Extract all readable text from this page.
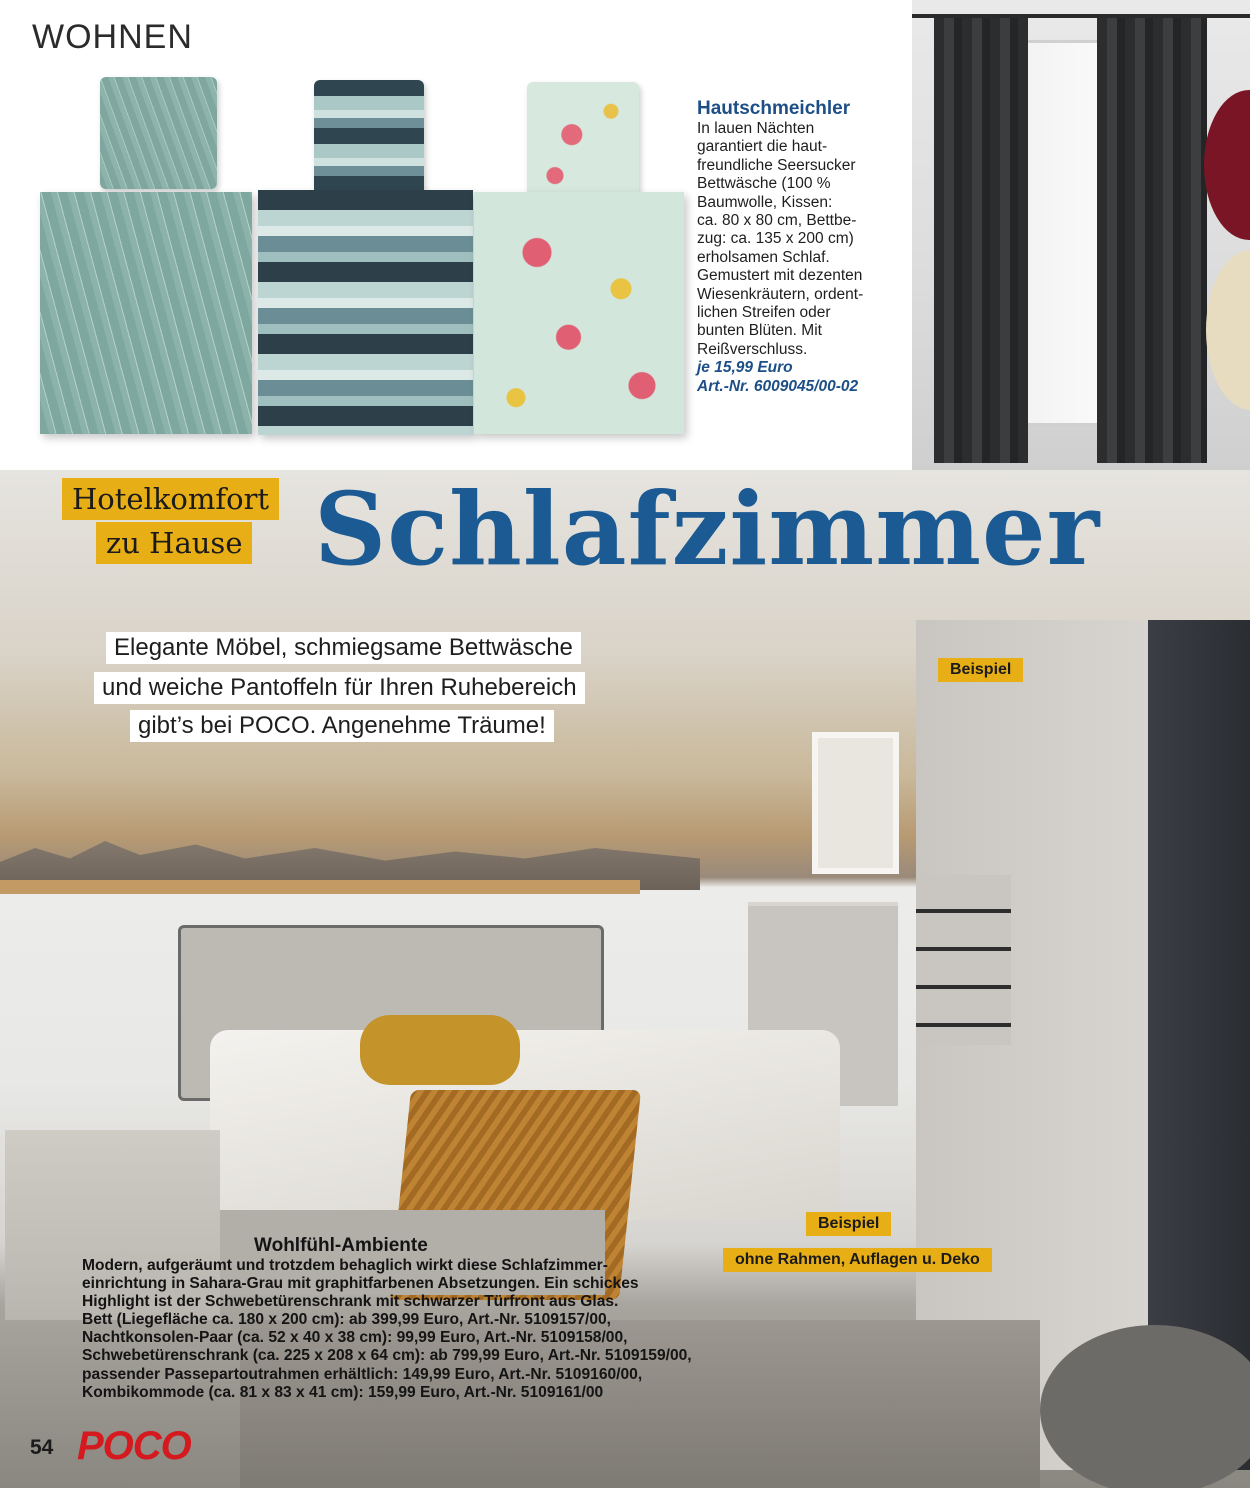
WOHNEN
Hautschmeichler
In lauen Nächten
garantiert die haut-
freundliche Seersucker
Bettwäsche (100 %
Baumwolle, Kissen:
ca. 80 x 80 cm, Bettbe-
zug: ca. 135 x 200 cm)
erholsamen Schlaf.
Gemustert mit dezenten
Wiesenkräutern, ordent-
lichen Streifen oder
bunten Blüten. Mit
Reißverschluss.
je 15,99 Euro
Art.-Nr. 6009045/00-02
Hotelkomfort
zu Hause Schlafzimmer
Elegante Möbel, schmiegsame Bettwäsche
und weiche Pantoffeln für Ihren Ruhebereich
gibt’s bei POCO. Angenehme Träume!
Beispiel
Beispiel
ohne Rahmen, Auflagen u. Deko
Wohlfühl-Ambiente
Modern, aufgeräumt und trotzdem behaglich wirkt diese Schlafzimmer-
einrichtung in Sahara-Grau mit graphitfarbenen Absetzungen. Ein schickes
Highlight ist der Schwebetürenschrank mit schwarzer Türfront aus Glas.
Bett (Liegefläche ca. 180 x 200 cm): ab 399,99 Euro, Art.-Nr. 5109157/00,
Nachtkonsolen-Paar (ca. 52 x 40 x 38 cm): 99,99 Euro, Art.-Nr. 5109158/00,
Schwebetürenschrank (ca. 225 x 208 x 64 cm): ab 799,99 Euro, Art.-Nr. 5109159/00,
passender Passepartoutrahmen erhältlich: 149,99 Euro, Art.-Nr. 5109160/00,
Kombikommode (ca. 81 x 83 x 41 cm): 159,99 Euro, Art.-Nr. 5109161/00
54 POCO
